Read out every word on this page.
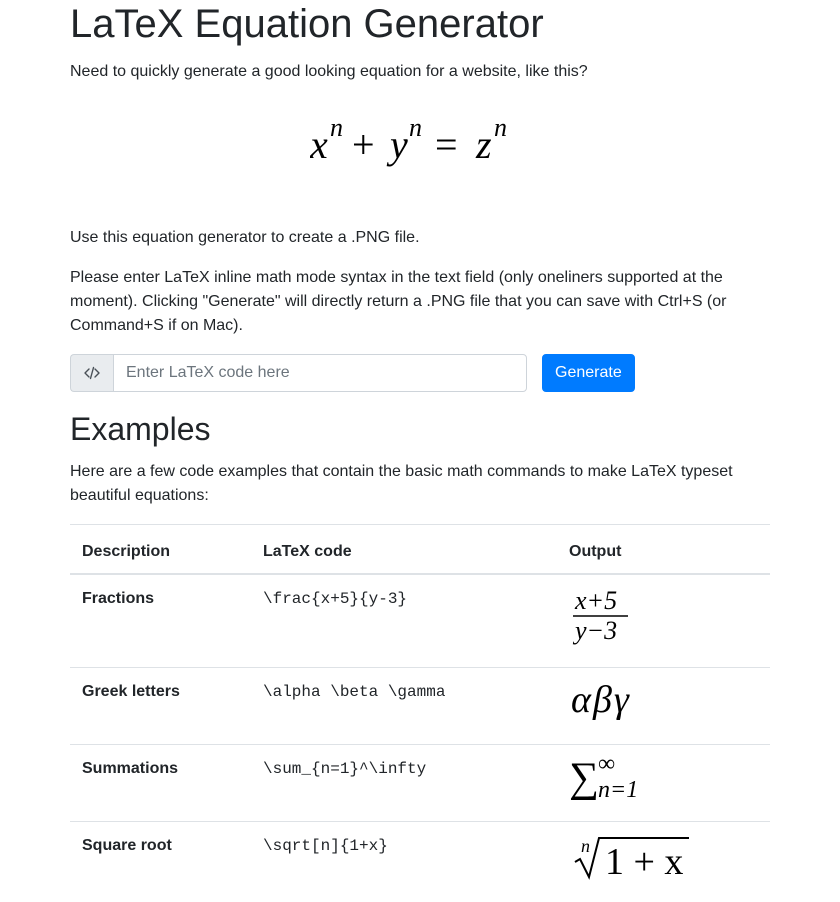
LaTeX Equation Generator

Need to quickly generate a good looking equation for a website, like this?

x n + y n = z n

Use this equation generator to create a .PNG file.

Please enter LaTeX inline math mode syntax in the text field (only oneliners supported at the moment). Clicking "Generate" will directly return a .PNG file that you can save with Ctrl+S (or Command+S if on Mac).

Enter LaTeX code here
Generate
Examples

Here are a few code examples that contain the basic math commands to make LaTeX typeset beautiful equations:

Description	LaTeX code	Output
Fractions	\frac{x+5}{y-3}	x+5
y−3

Greek letters	\alpha \beta \gamma	αβγ

Summations	\sum_{n=1}^\infty	∑ ∞
n=1

Square root	\sqrt[n]{1+x}	n 1 + x
